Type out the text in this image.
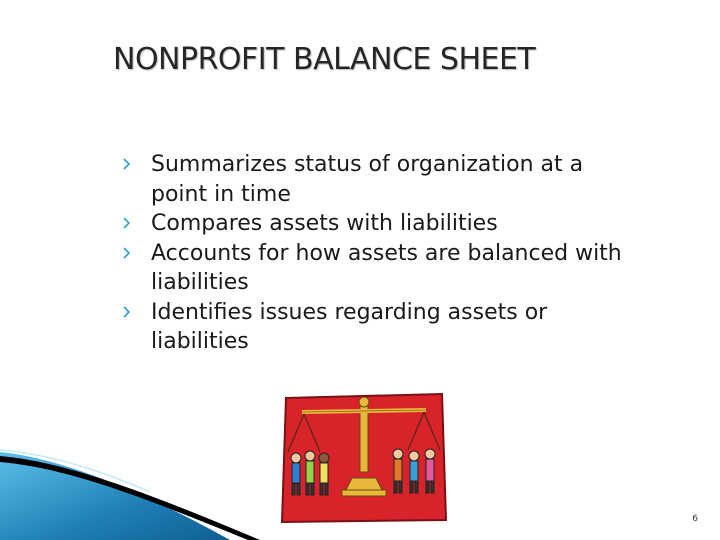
NONPROFIT BALANCE SHEET
Summarizes status of organization at a point in time
Compares assets with liabilities
Accounts for how assets are balanced with liabilities
Identifies issues regarding assets or liabilities
6
